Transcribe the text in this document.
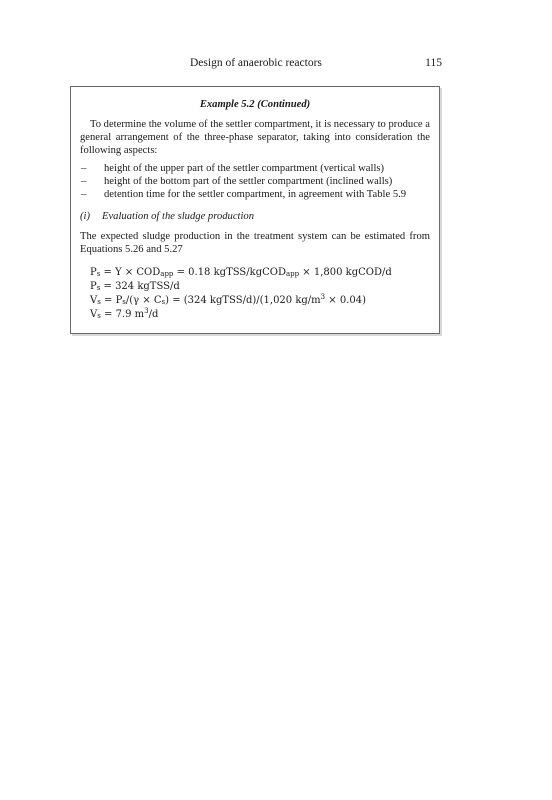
Design of anaerobic reactors	115
Example 5.2 (Continued)
To determine the volume of the settler compartment, it is necessary to produce a general arrangement of the three-phase separator, taking into consideration the following aspects:
– height of the upper part of the settler compartment (vertical walls)
– height of the bottom part of the settler compartment (inclined walls)
– detention time for the settler compartment, in agreement with Table 5.9
(i) Evaluation of the sludge production
The expected sludge production in the treatment system can be estimated from Equations 5.26 and 5.27
$P_s = Y \times COD_{app} = 0.18$ kgTSS/kgCOD$_{app}$ × 1,800 kgCOD/d
$P_s = 324$ kgTSS/d
$V_s = P_s/(\gamma \times C_s) = (324$ kgTSS/d)/(1,020 $kg/m^3 \times 0.04$)
$V_s = 7.9$ $m^3/d$
